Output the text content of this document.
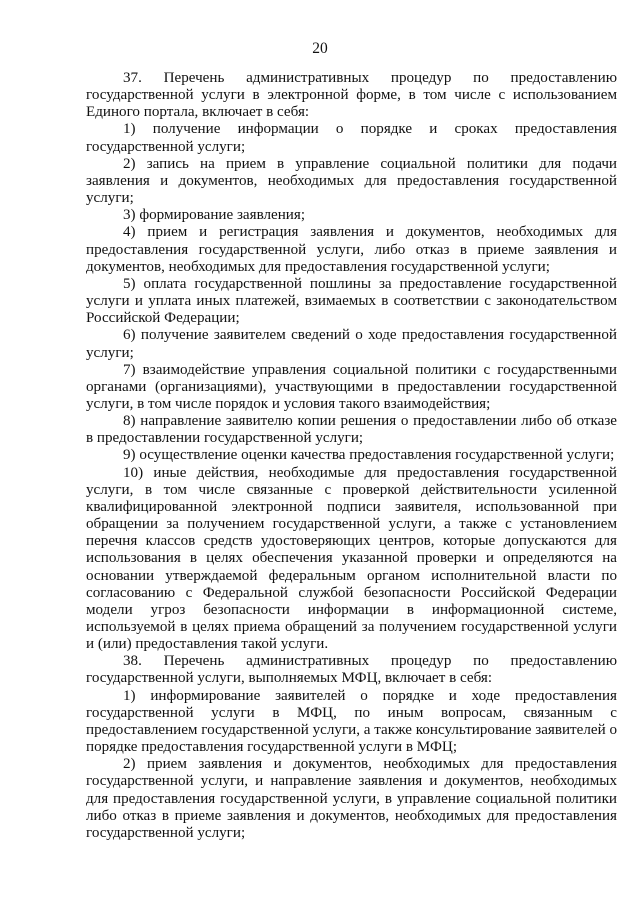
20

37. Перечень административных процедур по предоставлению государственной услуги в электронной форме, в том числе с использованием Единого портала, включает в себя:

1) получение информации о порядке и сроках предоставления государственной услуги;

2) запись на прием в управление социальной политики для подачи заявления и документов, необходимых для предоставления государственной услуги;

3) формирование заявления;

4) прием и регистрация заявления и документов, необходимых для предоставления государственной услуги, либо отказ в приеме заявления и документов, необходимых для предоставления государственной услуги;

5) оплата государственной пошлины за предоставление государственной услуги и уплата иных платежей, взимаемых в соответствии с законодательством Российской Федерации;

6) получение заявителем сведений о ходе предоставления государственной услуги;

7) взаимодействие управления социальной политики с государственными органами (организациями), участвующими в предоставлении государственной услуги, в том числе порядок и условия такого взаимодействия;

8) направление заявителю копии решения о предоставлении либо об отказе в предоставлении государственной услуги;

9) осуществление оценки качества предоставления государственной услуги;

10) иные действия, необходимые для предоставления государственной услуги, в том числе связанные с проверкой действительности усиленной квалифицированной электронной подписи заявителя, использованной при обращении за получением государственной услуги, а также с установлением перечня классов средств удостоверяющих центров, которые допускаются для использования в целях обеспечения указанной проверки и определяются на основании утверждаемой федеральным органом исполнительной власти по согласованию с Федеральной службой безопасности Российской Федерации модели угроз безопасности информации в информационной системе, используемой в целях приема обращений за получением государственной услуги и (или) предоставления такой услуги.

38. Перечень административных процедур по предоставлению государственной услуги, выполняемых МФЦ, включает в себя:

1) информирование заявителей о порядке и ходе предоставления государственной услуги в МФЦ, по иным вопросам, связанным с предоставлением государственной услуги, а также консультирование заявителей о порядке предоставления государственной услуги в МФЦ;

2) прием заявления и документов, необходимых для предоставления государственной услуги, и направление заявления и документов, необходимых для предоставления государственной услуги, в управление социальной политики либо отказ в приеме заявления и документов, необходимых для предоставления государственной услуги;
